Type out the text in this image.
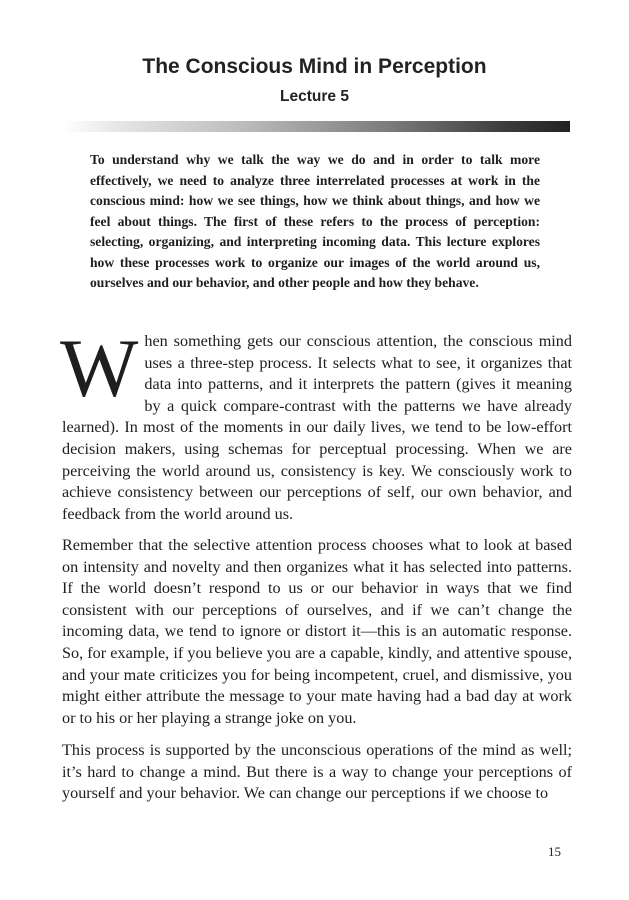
The Conscious Mind in Perception
Lecture 5

To understand why we talk the way we do and in order to talk more effectively, we need to analyze three interrelated processes at work in the conscious mind: how we see things, how we think about things, and how we feel about things. The first of these refers to the process of perception: selecting, organizing, and interpreting incoming data. This lecture explores how these processes work to organize our images of the world around us, ourselves and our behavior, and other people and how they behave.

When something gets our conscious attention, the conscious mind uses a three-step process. It selects what to see, it organizes that data into patterns, and it interprets the pattern (gives it meaning by a quick compare-contrast with the patterns we have already learned). In most of the moments in our daily lives, we tend to be low-effort decision makers, using schemas for perceptual processing. When we are perceiving the world around us, consistency is key. We consciously work to achieve consistency between our perceptions of self, our own behavior, and feedback from the world around us.

Remember that the selective attention process chooses what to look at based on intensity and novelty and then organizes what it has selected into patterns. If the world doesn’t respond to us or our behavior in ways that we find consistent with our perceptions of ourselves, and if we can’t change the incoming data, we tend to ignore or distort it—this is an automatic response. So, for example, if you believe you are a capable, kindly, and attentive spouse, and your mate criticizes you for being incompetent, cruel, and dismissive, you might either attribute the message to your mate having had a bad day at work or to his or her playing a strange joke on you.

This process is supported by the unconscious operations of the mind as well; it’s hard to change a mind. But there is a way to change your perceptions of yourself and your behavior. We can change our perceptions if we choose to

15
